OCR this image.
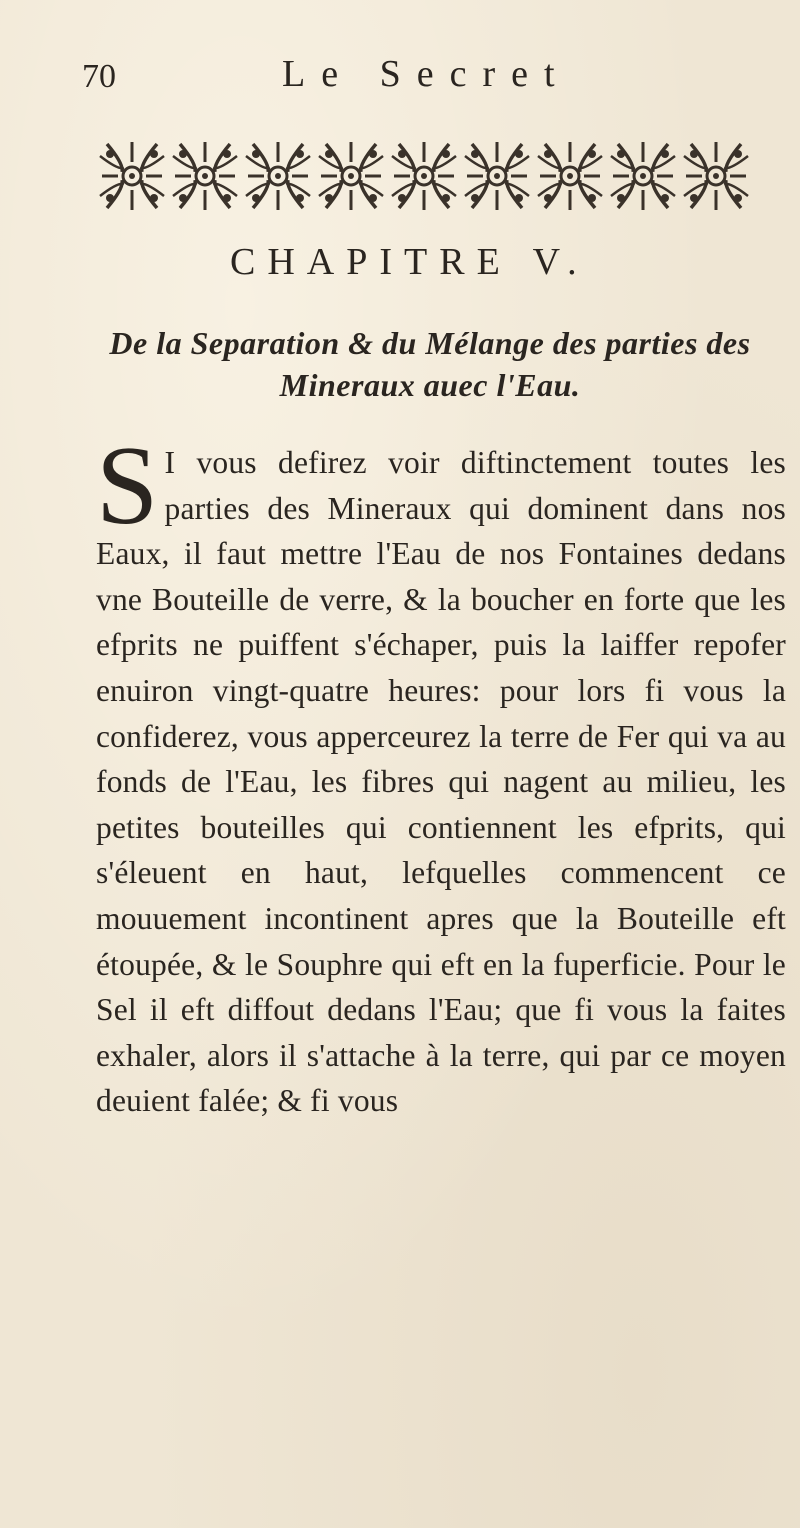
70	Le Secret
CHAPITRE V.
De la Separation & du Mélange des parties des Mineraux auec l'Eau.
S I vous defirez voir diftinctement toutes les parties des Mineraux qui dominent dans nos Eaux, il faut mettre l'Eau de nos Fontaines dedans vne Bouteille de verre, & la boucher en forte que les efprits ne puiffent s'échaper, puis la laiffer repofer enuiron vingt-quatre heures: pour lors fi vous la confiderez, vous apperceurez la terre de Fer qui va au fonds de l'Eau, les fibres qui nagent au milieu, les petites bouteilles qui contiennent les efprits, qui s'éleuent en haut, lefquelles commencent ce mouuement incontinent apres que la Bouteille eft étoupée, & le Souphre qui eft en la fuperficie. Pour le Sel il eft diffout dedans l'Eau; que fi vous la faites exhaler, alors il s'attache à la terre, qui par ce moyen deuient falée; & fi vous
